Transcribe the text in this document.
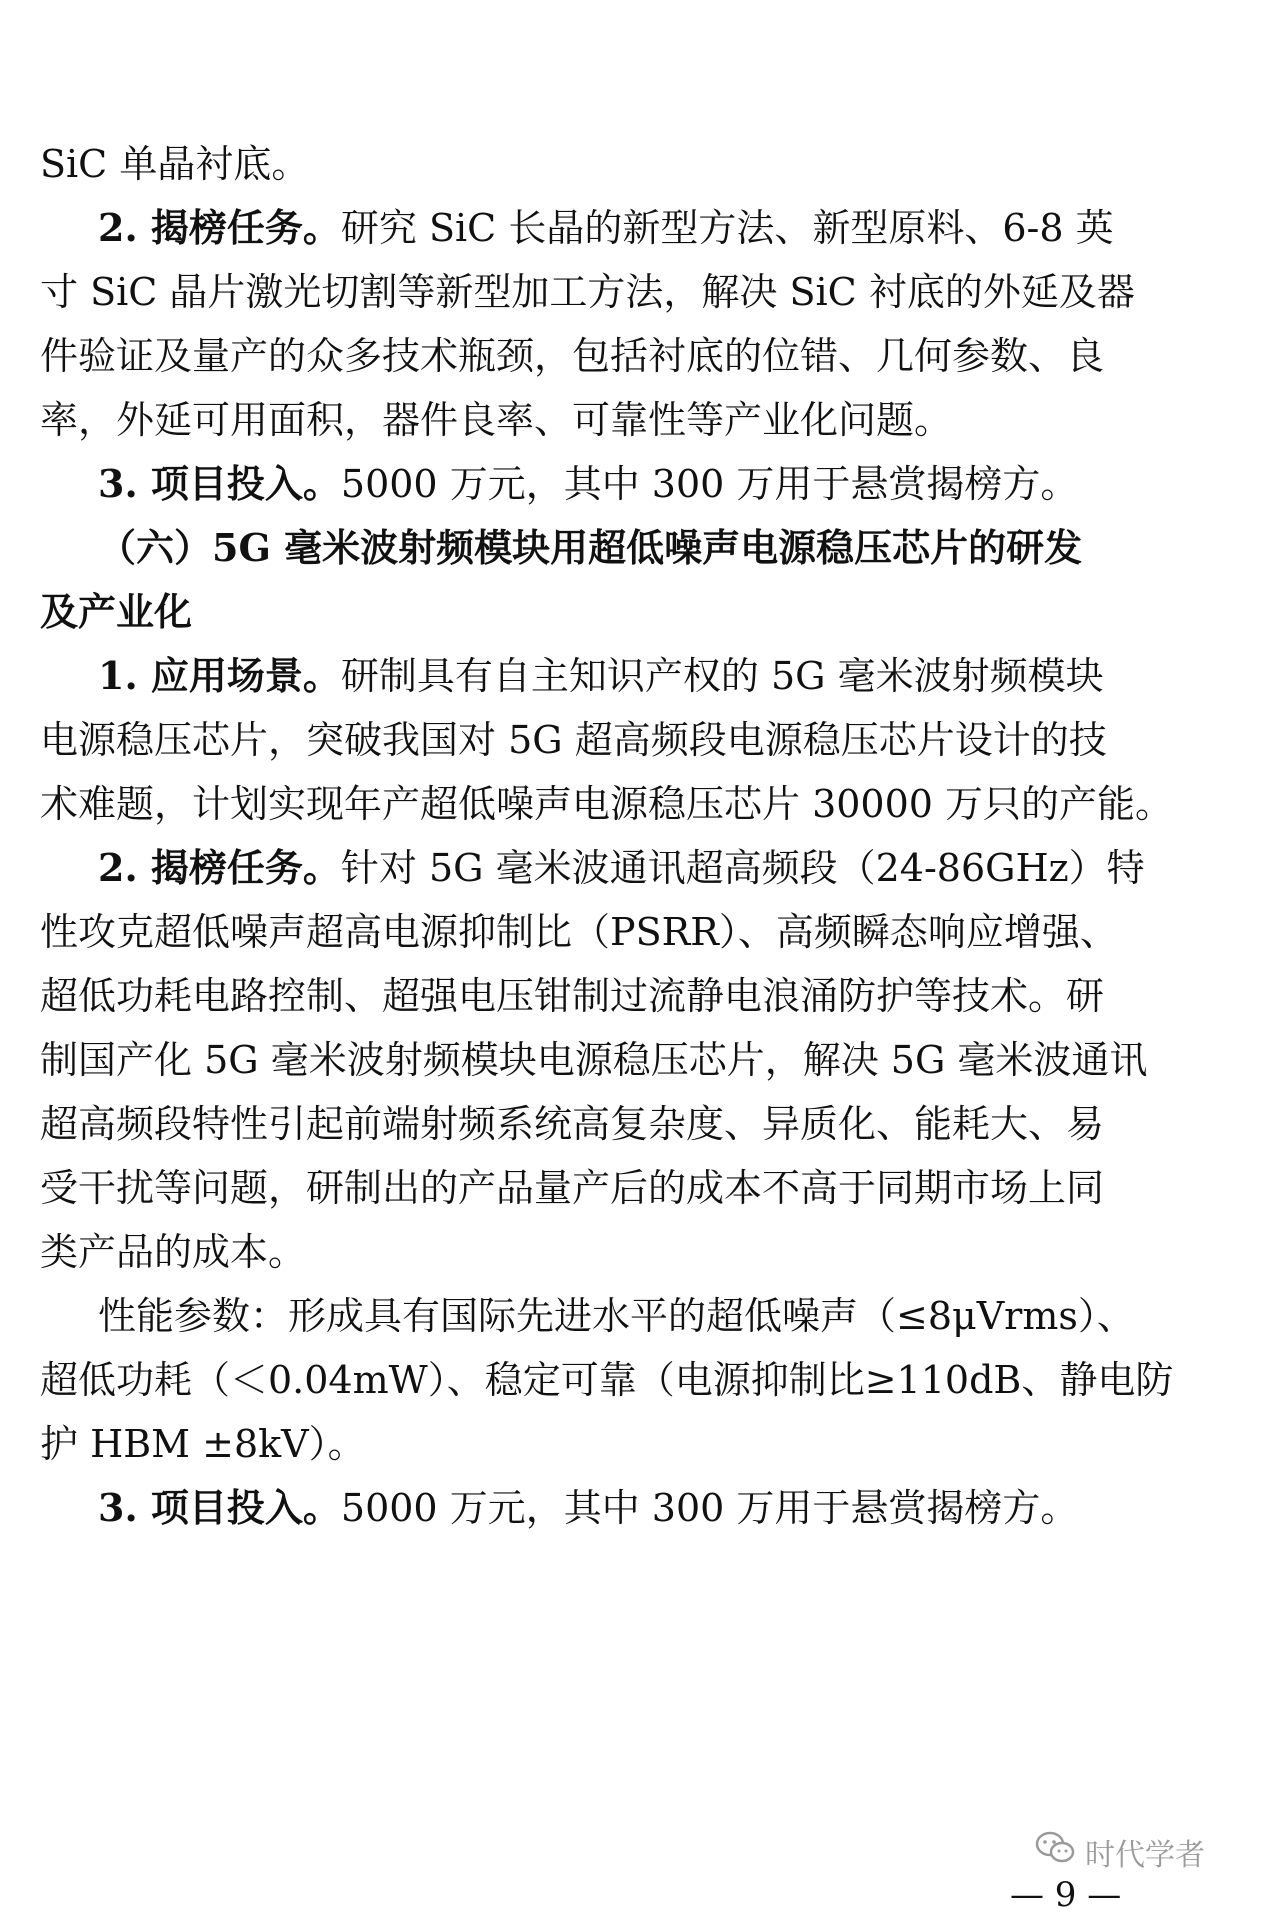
SiC 单晶衬底。
2. 揭榜任务。研究 SiC 长晶的新型方法、新型原料、6-8 英
寸 SiC 晶片激光切割等新型加工方法，解决 SiC 衬底的外延及器
件验证及量产的众多技术瓶颈，包括衬底的位错、几何参数、良
率，外延可用面积，器件良率、可靠性等产业化问题。
3. 项目投入。5000 万元，其中 300 万用于悬赏揭榜方。
（六）5G 毫米波射频模块用超低噪声电源稳压芯片的研发
及产业化
1. 应用场景。研制具有自主知识产权的 5G 毫米波射频模块
电源稳压芯片，突破我国对 5G 超高频段电源稳压芯片设计的技
术难题，计划实现年产超低噪声电源稳压芯片 30000 万只的产能。
2. 揭榜任务。针对 5G 毫米波通讯超高频段（24-86GHz）特
性攻克超低噪声超高电源抑制比（PSRR）、高频瞬态响应增强、
超低功耗电路控制、超强电压钳制过流静电浪涌防护等技术。研
制国产化 5G 毫米波射频模块电源稳压芯片，解决 5G 毫米波通讯
超高频段特性引起前端射频系统高复杂度、异质化、能耗大、易
受干扰等问题，研制出的产品量产后的成本不高于同期市场上同
类产品的成本。
性能参数：形成具有国际先进水平的超低噪声（≤8μVrms）、
超低功耗（＜0.04mW）、稳定可靠（电源抑制比≥110dB、静电防
护 HBM ±8kV）。
3. 项目投入。5000 万元，其中 300 万用于悬赏揭榜方。
时代学者
— 9 —
